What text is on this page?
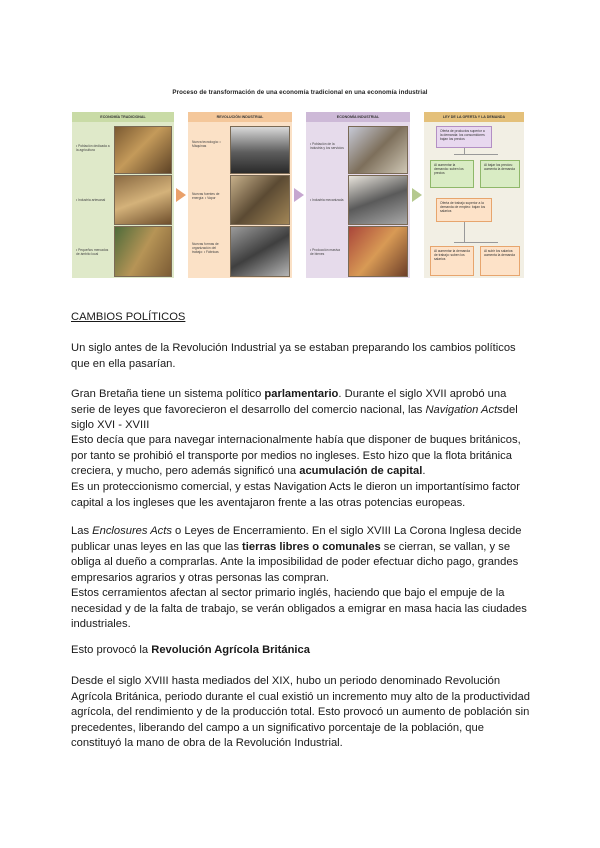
Proceso de transformación de una economía tradicional en una economía industrial
ECONOMÍA TRADICIONAL
• Población dedicada a la agricultura
• Industria artesanal
• Pequeños mercados de ámbito local
REVOLUCIÓN INDUSTRIAL
Nueva tecnología: • Máquinas
Nuevas fuentes de energía: • Vapor
Nuevas formas de organización del trabajo: • Fábricas
ECONOMÍA INDUSTRIAL
• Población de la industria y los servicios
• Industria mecanizada
• Producción masiva de bienes
LEY DE LA OFERTA Y LA DEMANDA
Oferta de productos superior a la demanda: los consumidores bajan los precios
Al aumentar la demanda: suben los precios
Al bajar los precios: aumenta la demanda
Oferta de trabajo superior a la demanda de empleo: bajan los salarios
Al aumentar la demanda de trabajo: suben los salarios
Al subir los salarios: aumenta la demanda
CAMBIOS POLÍTICOS
Un siglo antes de la Revolución Industrial ya se estaban preparando los cambios políticos que en ella pasarían.
Gran Bretaña tiene un sistema político parlamentario. Durante el siglo XVII aprobó una serie de leyes que favorecieron el desarrollo del comercio nacional, las Navigation Actsdel siglo XVI - XVIII
Esto decía que para navegar internacionalmente había que disponer de buques británicos, por tanto se prohibió el transporte por medios no ingleses. Esto hizo que la flota británica creciera, y mucho, pero además significó una acumulación de capital.
Es un proteccionismo comercial, y estas Navigation Acts le dieron un importantísimo factor capital a los ingleses que les aventajaron frente a las otras potencias europeas.
Las Enclosures Acts o Leyes de Encerramiento. En el siglo XVIII La Corona Inglesa decide publicar unas leyes en las que las tierras libres o comunales se cierran, se vallan, y se obliga al dueño a comprarlas. Ante la imposibilidad de poder efectuar dicho pago, grandes empresarios agrarios y otras personas las compran.
Estos cerramientos afectan al sector primario inglés, haciendo que bajo el empuje de la necesidad y de la falta de trabajo, se verán obligados a emigrar en masa hacia las ciudades industriales.
Esto provocó la Revolución Agrícola Británica
Desde el siglo XVIII hasta mediados del XIX, hubo un periodo denominado Revolución Agrícola Británica, periodo durante el cual existió un incremento muy alto de la productividad agrícola, del rendimiento y de la producción total. Esto provocó un aumento de población sin precedentes, liberando del campo a un significativo porcentaje de la población, que constituyó la mano de obra de la Revolución Industrial.
